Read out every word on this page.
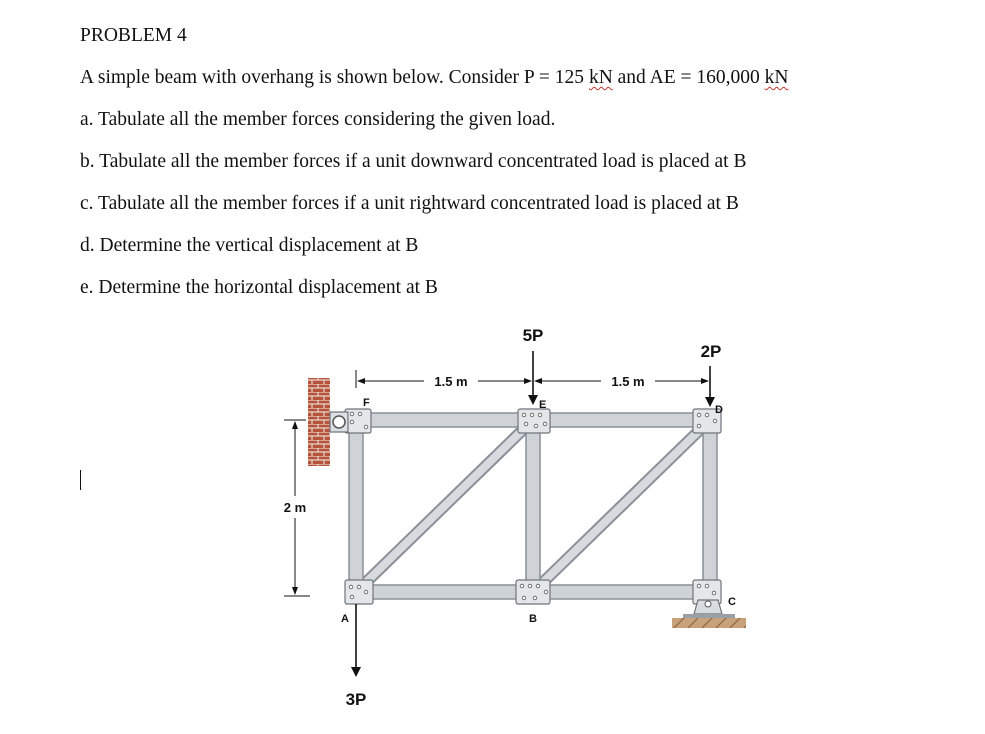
PROBLEM 4
A simple beam with overhang is shown below. Consider P = 125 kN and AE = 160,000 kN
a. Tabulate all the member forces considering the given load.
b. Tabulate all the member forces if a unit downward concentrated load is placed at B
c. Tabulate all the member forces if a unit rightward concentrated load is placed at B
d. Determine the vertical displacement at B
e. Determine the horizontal displacement at B
5P
2P
3P
1.5 m	1.5 m
2 m
F	E	D
A	B
C
